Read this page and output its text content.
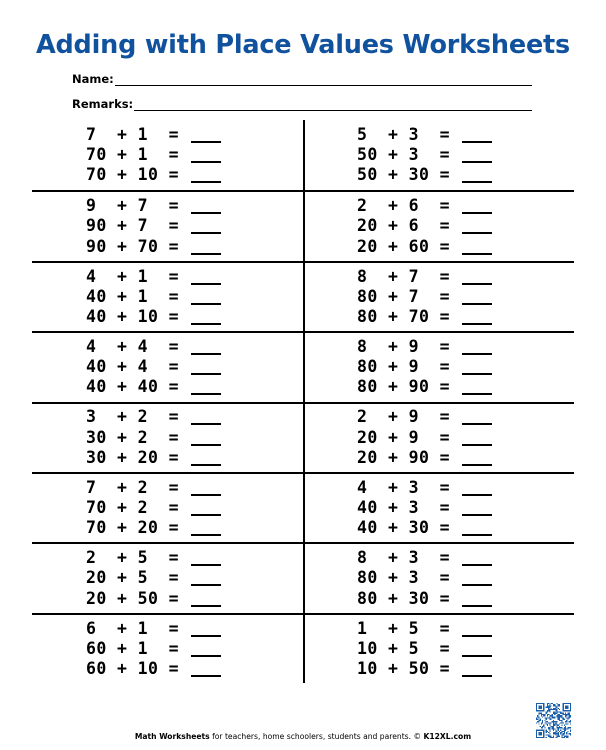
Adding with Place Values Worksheets
Name:
Remarks:
7  + 1  =
70 + 1  =
70 + 10 =
5  + 3  =
50 + 3  =
50 + 30 =
9  + 7  =
90 + 7  =
90 + 70 =
2  + 6  =
20 + 6  =
20 + 60 =
4  + 1  =
40 + 1  =
40 + 10 =
8  + 7  =
80 + 7  =
80 + 70 =
4  + 4  =
40 + 4  =
40 + 40 =
8  + 9  =
80 + 9  =
80 + 90 =
3  + 2  =
30 + 2  =
30 + 20 =
2  + 9  =
20 + 9  =
20 + 90 =
7  + 2  =
70 + 2  =
70 + 20 =
4  + 3  =
40 + 3  =
40 + 30 =
2  + 5  =
20 + 5  =
20 + 50 =
8  + 3  =
80 + 3  =
80 + 30 =
6  + 1  =
60 + 1  =
60 + 10 =
1  + 5  =
10 + 5  =
10 + 50 =
Math Worksheets for teachers, home schoolers, students and parents. © K12XL.com
